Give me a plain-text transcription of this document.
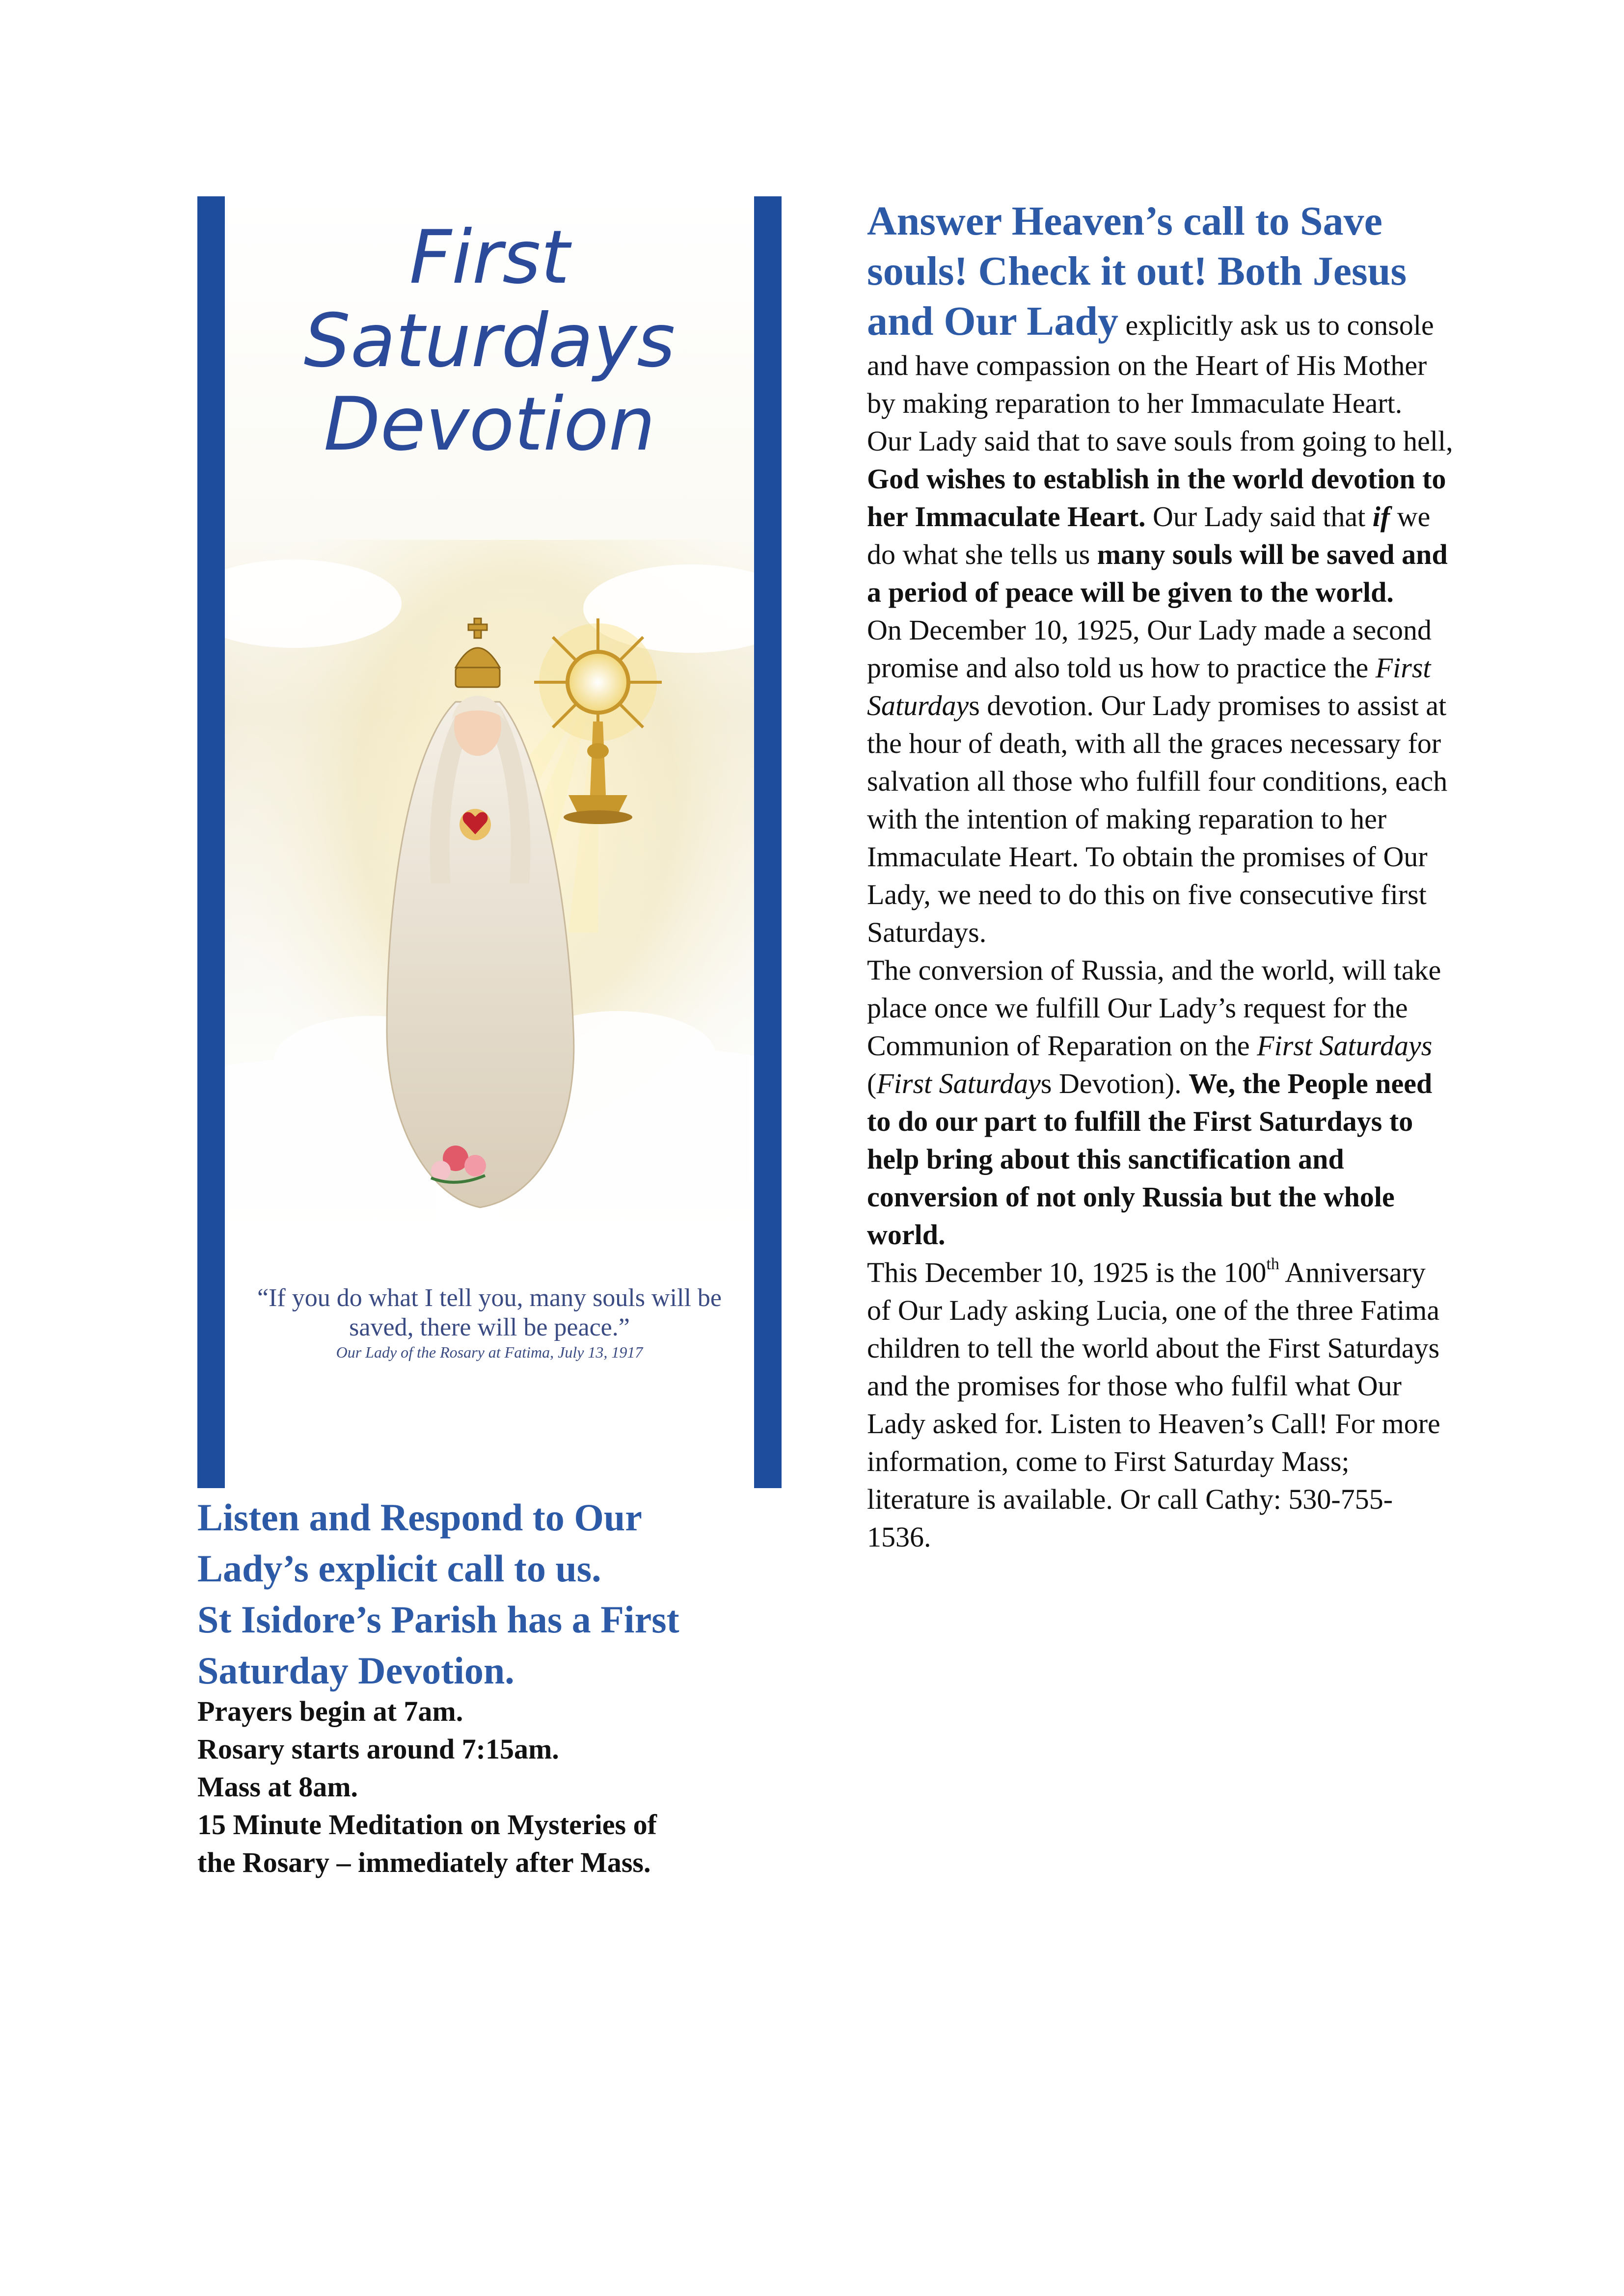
First
Saturdays
Devotion
“If you do what I tell you, many souls will be saved, there will be peace.”
Our Lady of the Rosary at Fatima, July 13, 1917
Listen and Respond to Our
Lady’s explicit call to us.
St Isidore’s Parish has a First
Saturday Devotion.
Prayers begin at 7am.
Rosary starts around 7:15am.
Mass at 8am.
15 Minute Meditation on Mysteries of
the Rosary – immediately after Mass.

Answer Heaven’s call to Save souls! Check it out! Both Jesus and Our Lady explicitly ask us to console and have compassion on the Heart of His Mother by making reparation to her Immaculate Heart.

Our Lady said that to save souls from going to hell, God wishes to establish in the world devotion to her Immaculate Heart. Our Lady said that if we do what she tells us many souls will be saved and a period of peace will be given to the world.

On December 10, 1925, Our Lady made a second promise and also told us how to practice the First Saturdays devotion. Our Lady promises to assist at the hour of death, with all the graces necessary for salvation all those who fulfill four conditions, each with the intention of making reparation to her Immaculate Heart. To obtain the promises of Our Lady, we need to do this on five consecutive first Saturdays.

The conversion of Russia, and the world, will take place once we fulfill Our Lady’s request for the Communion of Reparation on the First Saturdays (First Saturdays Devotion). We, the People need to do our part to fulfill the First Saturdays to help bring about this sanctification and conversion of not only Russia but the whole world.

This December 10, 1925 is the 100th Anniversary of Our Lady asking Lucia, one of the three Fatima children to tell the world about the First Saturdays and the promises for those who fulfil what Our Lady asked for. Listen to Heaven’s Call! For more information, come to First Saturday Mass; literature is available. Or call Cathy: 530-755-1536.
